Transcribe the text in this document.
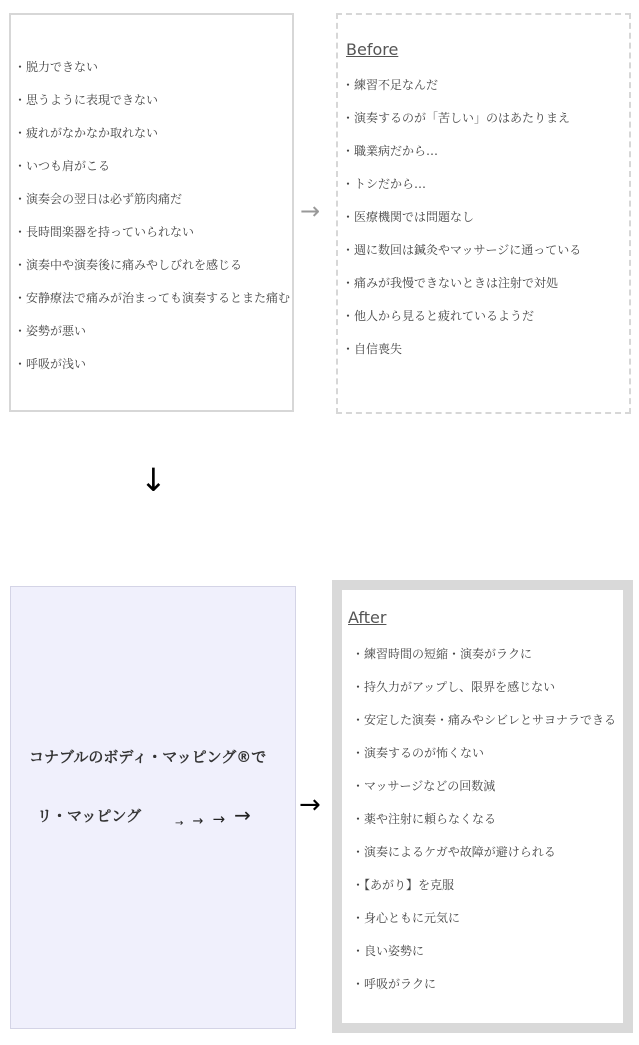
・脱力できない
・思うように表現できない
・疲れがなかなか取れない
・いつも肩がこる
・演奏会の翌日は必ず筋肉痛だ
・長時間楽器を持っていられない
・演奏中や演奏後に痛みやしびれを感じる
・安静療法で痛みが治まっても演奏するとまた痛む
・姿勢が悪い
・呼吸が浅い
→
Before
・練習不足なんだ
・演奏するのが「苦しい」のはあたりまえ
・職業病だから…
・トシだから…
・医療機関では問題なし
・週に数回は鍼灸やマッサージに通っている
・痛みが我慢できないときは注射で対処
・他人から見ると疲れているようだ
・自信喪失
↓
コナブルのボディ・マッピング®で
リ・マッピング	→ → → → →
After
・練習時間の短縮・演奏がラクに
・持久力がアップし、限界を感じない
・安定した演奏・痛みやシビレとサヨナラできる
・演奏するのが怖くない
・マッサージなどの回数減
・薬や注射に頼らなくなる
・演奏によるケガや故障が避けられる
・【あがり】を克服
・身心ともに元気に
・良い姿勢に
・呼吸がラクに
